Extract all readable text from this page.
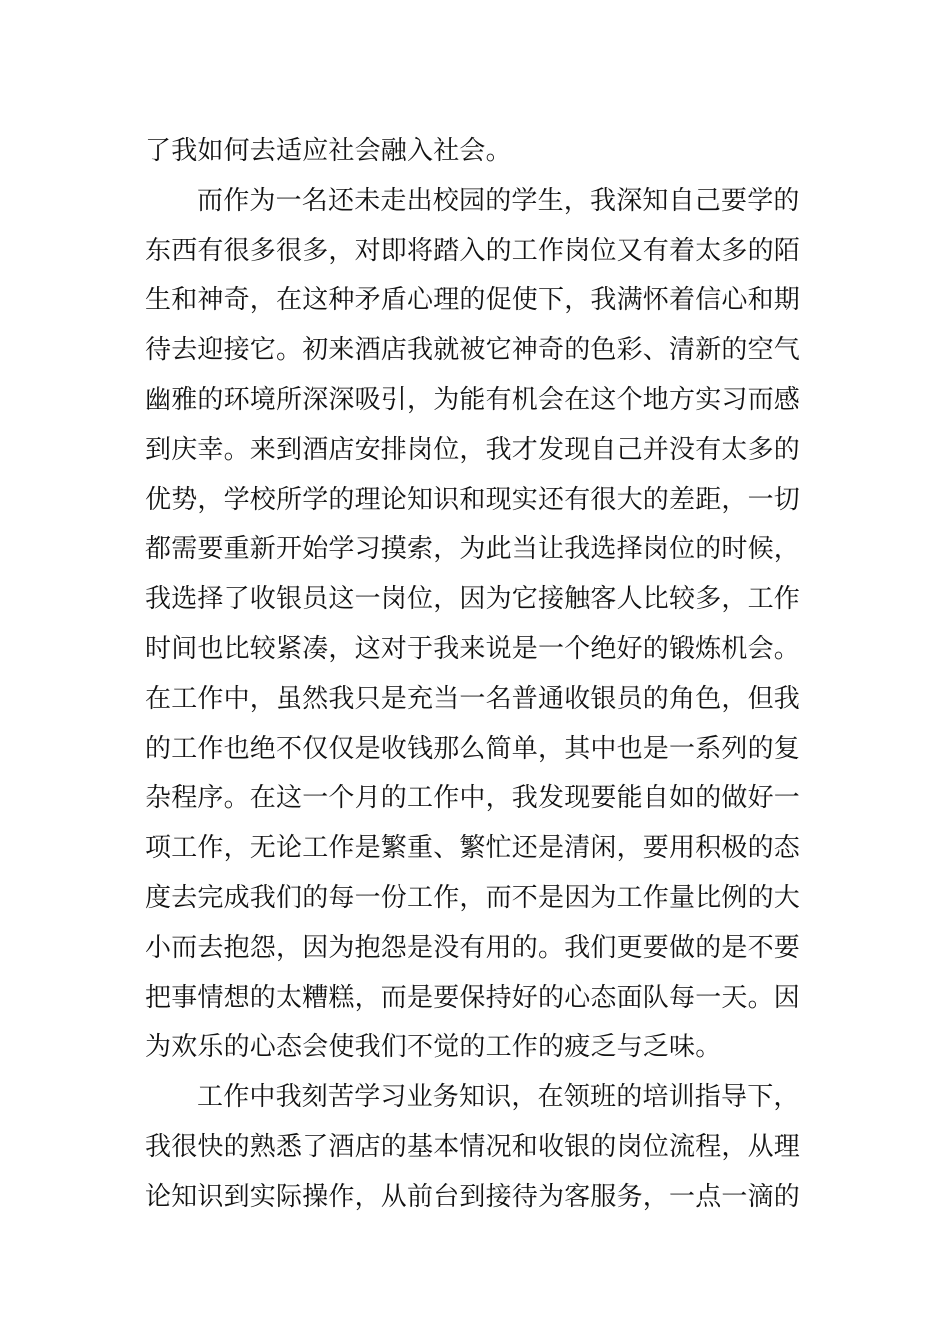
了我如何去适应社会融入社会。
而作为一名还未走出校园的学生，我深知自己要学的
东西有很多很多，对即将踏入的工作岗位又有着太多的陌
生和神奇，在这种矛盾心理的促使下，我满怀着信心和期
待去迎接它。初来酒店我就被它神奇的色彩、清新的空气
幽雅的环境所深深吸引，为能有机会在这个地方实习而感
到庆幸。来到酒店安排岗位，我才发现自己并没有太多的
优势，学校所学的理论知识和现实还有很大的差距，一切
都需要重新开始学习摸索，为此当让我选择岗位的时候，
我选择了收银员这一岗位，因为它接触客人比较多，工作
时间也比较紧凑，这对于我来说是一个绝好的锻炼机会。
在工作中，虽然我只是充当一名普通收银员的角色，但我
的工作也绝不仅仅是收钱那么简单，其中也是一系列的复
杂程序。在这一个月的工作中，我发现要能自如的做好一
项工作，无论工作是繁重、繁忙还是清闲，要用积极的态
度去完成我们的每一份工作，而不是因为工作量比例的大
小而去抱怨，因为抱怨是没有用的。我们更要做的是不要
把事情想的太糟糕，而是要保持好的心态面队每一天。因
为欢乐的心态会使我们不觉的工作的疲乏与乏味。
工作中我刻苦学习业务知识，在领班的培训指导下，
我很快的熟悉了酒店的基本情况和收银的岗位流程，从理
论知识到实际操作，从前台到接待为客服务，一点一滴的
